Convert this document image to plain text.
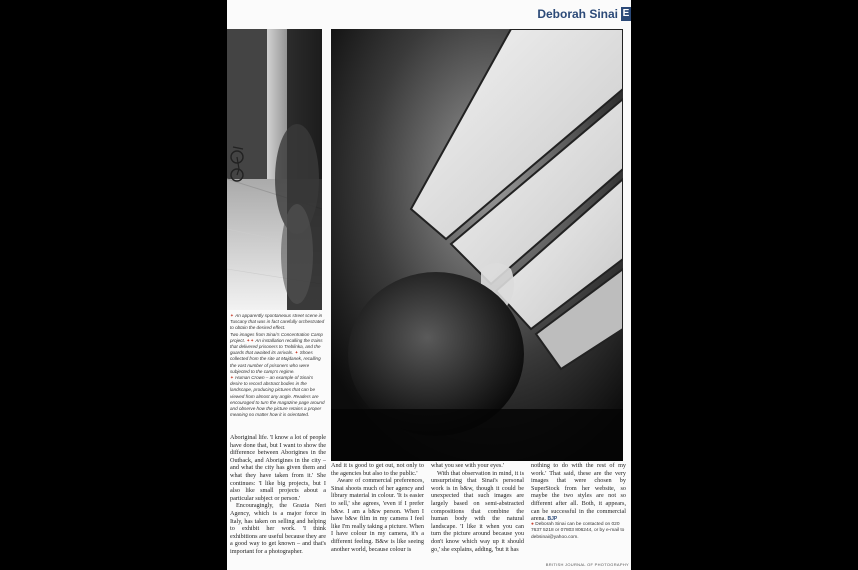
Deborah Sinai E

✦ An apparently spontaneous street scene in Tuscany that was in fact carefully orchestrated to obtain the desired effect.

Two images from Sinai's Concentration Camp project. ✦✦ An installation recalling the trains that delivered prisoners to Treblinka, and the guards that awaited its arrivals. ✦ Shoes collected from the site at Majdanek, recalling the vast number of prisoners who were subjected to the camp's regime.

✦ Human Crown – an example of Sinai's desire to record abstract bodies in the landscape, producing pictures that can be viewed from almost any angle. Readers are encouraged to turn the magazine page around and observe how the picture retains a proper meaning no matter how it is orientated.

Aboriginal life. 'I know a lot of people have done that, but I want to show the difference between Aborigines in the Outback, and Aborigines in the city – and what the city has given them and what they have taken from it.' She continues: 'I like big projects, but I also like small projects about a particular subject or person.'

Encouragingly, the Grazia Neri Agency, which is a major force in Italy, has taken on selling and helping to exhibit her work. 'I think exhibitions are useful because they are a good way to get known – and that's important for a photographer.

And it is good to get out, not only to the agencies but also to the public.'

Aware of commercial preferences, Sinai shoots much of her agency and library material in colour. 'It is easier to sell,' she agrees, 'even if I prefer b&w. I am a b&w person. When I have b&w film in my camera I feel like I'm really taking a picture. When I have colour in my camera, it's a different feeling. B&w is like seeing another world, because colour is

what you see with your eyes.'

With that observation in mind, it is unsurprising that Sinai's personal work is in b&w, though it could be unexpected that such images are largely based on semi-abstracted compositions that combine the human body with the natural landscape. 'I like it when you can turn the picture around because you don't know which way up it should go,' she explains, adding, 'but it has

nothing to do with the rest of my work.' That said, these are the very images that were chosen by SuperStock from her website, so maybe the two styles are not so different after all. Both, it appears, can be successful in the commercial arena. BJP

● Deborah Sinai can be contacted on 020 7637 5218 or 07803 806244, or by e-mail to debsinai@yahoo.com.
BRITISH JOURNAL OF PHOTOGRAPHY
